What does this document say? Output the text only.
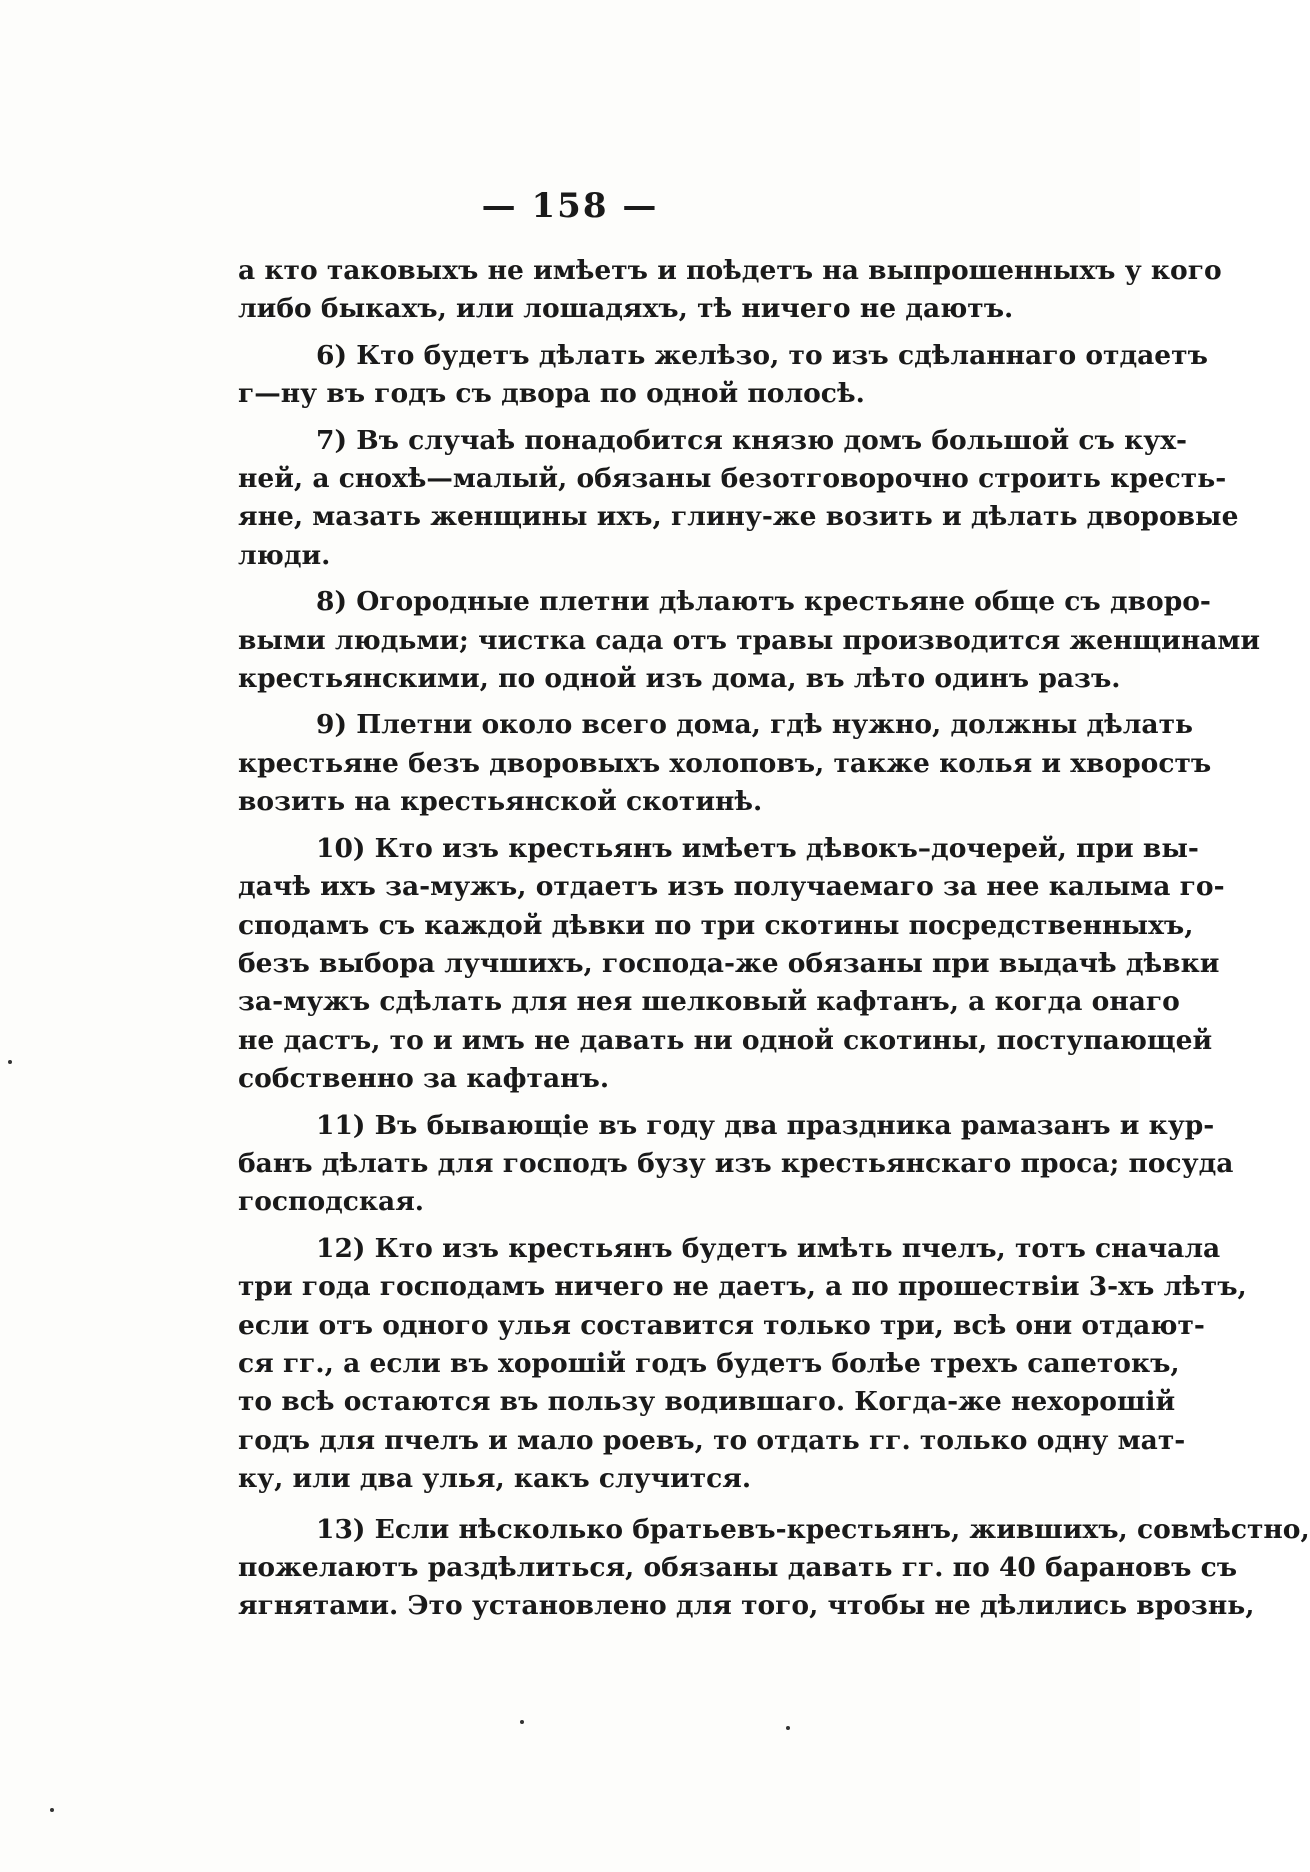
— 158 —
а кто таковыхъ не имѣетъ и поѣдетъ на выпрошенныхъ у кого
либо быкахъ, или лошадяхъ, тѣ ничего не даютъ.
6) Кто будетъ дѣлать желѣзо, то изъ сдѣланнаго отдаетъ
г—ну въ годъ съ двора по одной полосѣ.
7) Въ случаѣ понадобится князю домъ большой съ кух-
ней, а снохѣ—малый, обязаны безотговорочно строить кресть-
яне, мазать женщины ихъ, глину-же возить и дѣлать дворовые
люди.
8) Огородные плетни дѣлаютъ крестьяне обще съ дворо-
выми людьми; чистка сада отъ травы производится женщинами
крестьянскими, по одной изъ дома, въ лѣто одинъ разъ.
9) Плетни около всего дома, гдѣ нужно, должны дѣлать
крестьяне безъ дворовыхъ холоповъ, также колья и хворостъ
возить на крестьянской скотинѣ.
10) Кто изъ крестьянъ имѣетъ дѣвокъ–дочерей, при вы-
дачѣ ихъ за-мужъ, отдаетъ изъ получаемаго за нее калыма го-
сподамъ съ каждой дѣвки по три скотины посредственныхъ,
безъ выбора лучшихъ, господа-же обязаны при выдачѣ дѣвки
за-мужъ сдѣлать для нея шелковый кафтанъ, а когда онаго
не дастъ, то и имъ не давать ни одной скотины, поступающей
собственно за кафтанъ.
11) Въ бывающіе въ году два праздника рамазанъ и кур-
банъ дѣлать для господъ бузу изъ крестьянскаго проса; посуда
господская.
12) Кто изъ крестьянъ будетъ имѣть пчелъ, тотъ сначала
три года господамъ ничего не даетъ, а по прошествіи 3-хъ лѣтъ,
если отъ одного улья составится только три, всѣ они отдают-
ся гг., а если въ хорошій годъ будетъ болѣе трехъ сапетокъ,
то всѣ остаются въ пользу водившаго. Когда-же нехорошій
годъ для пчелъ и мало роевъ, то отдать гг. только одну мат-
ку, или два улья, какъ случится.
13) Если нѣсколько братьевъ-крестьянъ, жившихъ, совмѣстно,
пожелаютъ раздѣлиться, обязаны давать гг. по 40 барановъ съ
ягнятами. Это установлено для того, чтобы не дѣлились врознь,
